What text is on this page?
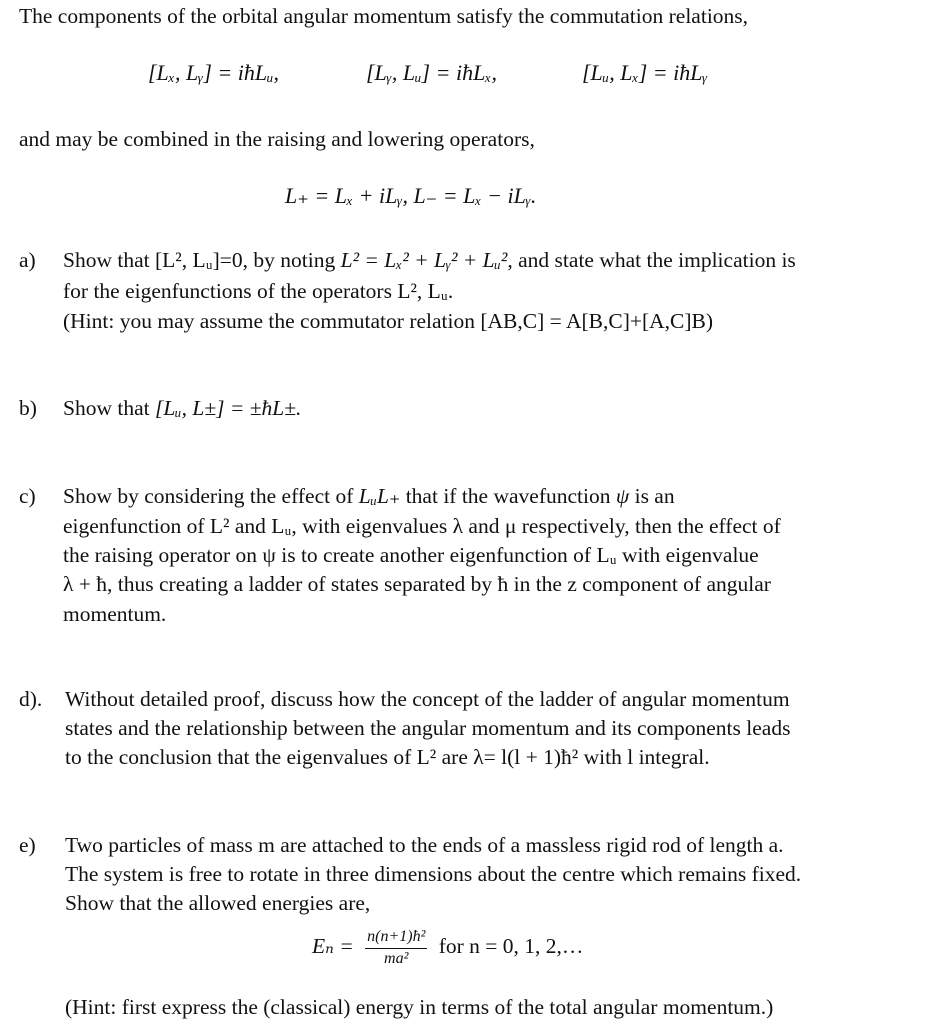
The components of the orbital angular momentum satisfy the commutation relations,
[Lₓ, Lᵧ] = iħLᵤ,	[Lᵧ, Lᵤ] = iħLₓ,	[Lᵤ, Lₓ] = iħLᵧ
and may be combined in the raising and lowering operators,
L₊ = Lₓ + iLᵧ, L₋ = Lₓ − iLᵧ.
a) Show that [L², Lᵤ]=0, by noting L² = Lₓ² + Lᵧ² + Lᵤ², and state what the implication is
for the eigenfunctions of the operators L², Lᵤ.
(Hint: you may assume the commutator relation [AB,C] = A[B,C]+[A,C]B)
b) Show that [Lᵤ, L±] = ±ħL±.
c) Show by considering the effect of LᵤL₊ that if the wavefunction ψ is an
eigenfunction of L² and Lᵤ, with eigenvalues λ and μ respectively, then the effect of
the raising operator on ψ is to create another eigenfunction of Lᵤ with eigenvalue
λ + ħ, thus creating a ladder of states separated by ħ in the z component of angular
momentum.
d). Without detailed proof, discuss how the concept of the ladder of angular momentum
states and the relationship between the angular momentum and its components leads
to the conclusion that the eigenvalues of L² are λ= l(l + 1)ħ² with l integral.
e) Two particles of mass m are attached to the ends of a massless rigid rod of length a.
The system is free to rotate in three dimensions about the centre which remains fixed.
Show that the allowed energies are,
$E_n = \frac{\text{n(n+1)ħ²}}{\text{ma²}}$ for n = 0, 1, 2,…
(Hint: first express the (classical) energy in terms of the total angular momentum.)
